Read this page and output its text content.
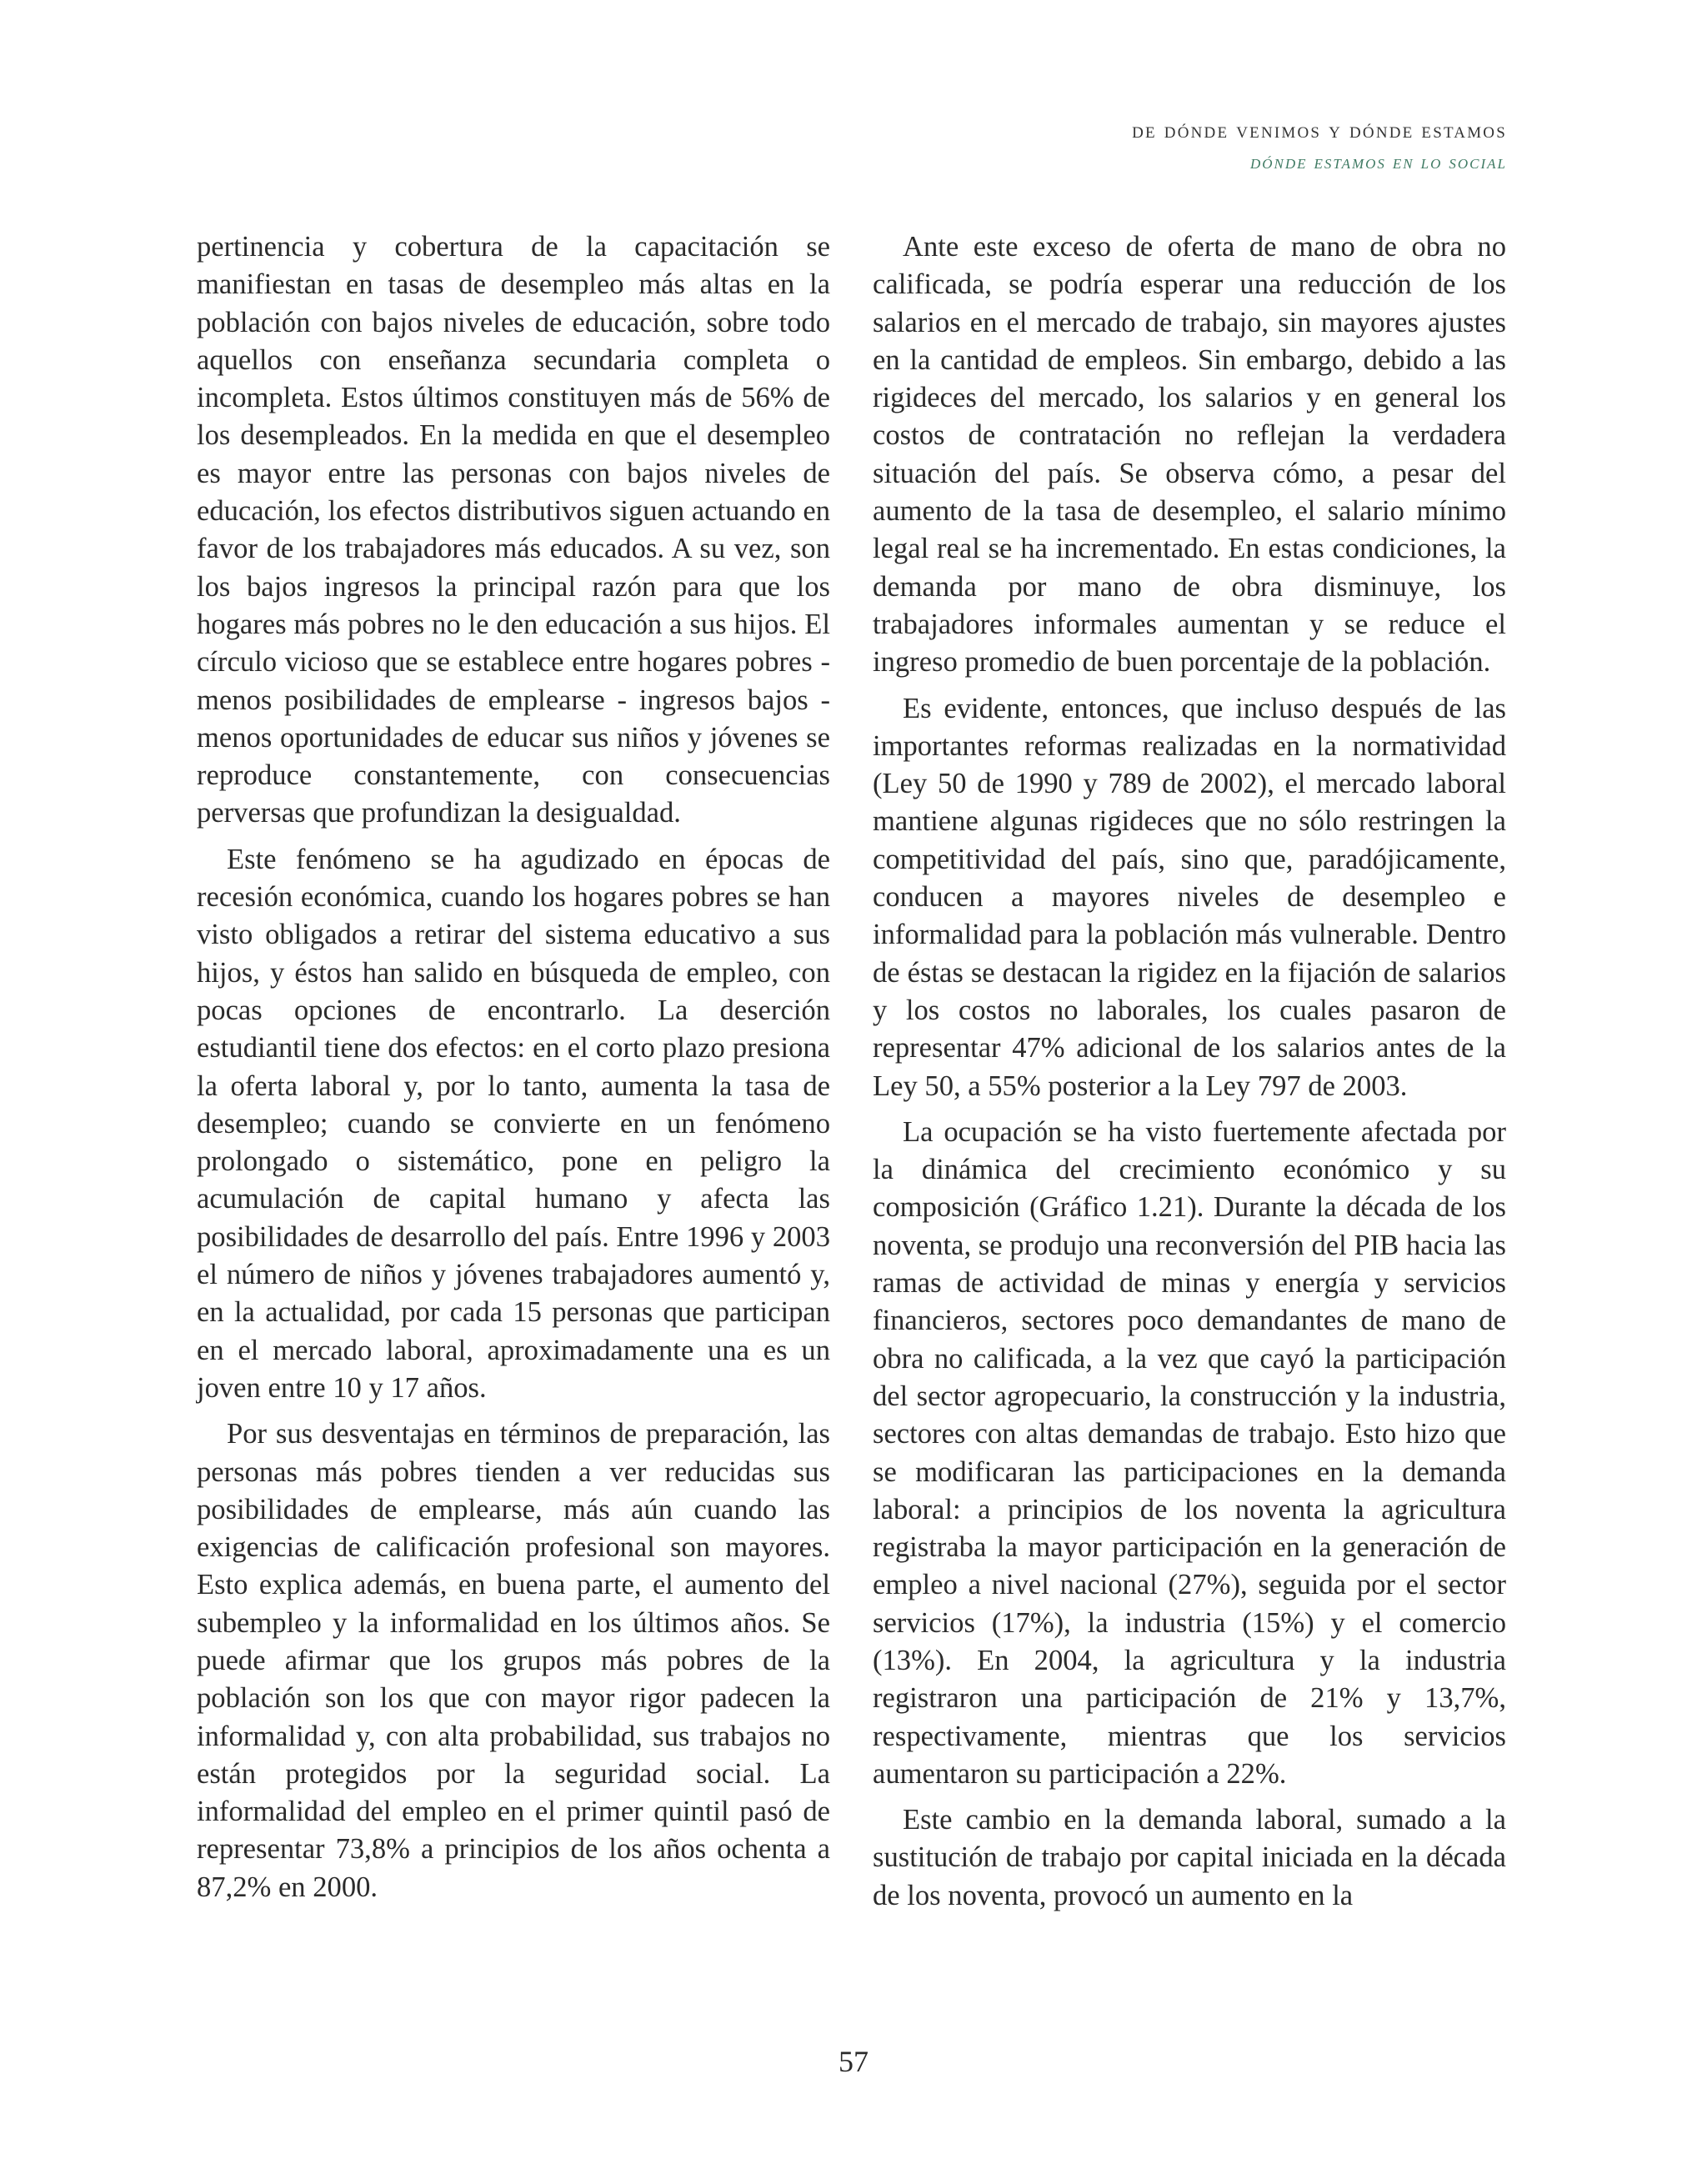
de dónde venimos y dónde estamos
dónde estamos en lo social

pertinencia y cobertura de la capacitación se manifiestan en tasas de desempleo más altas en la población con bajos niveles de educación, sobre todo aquellos con enseñanza secundaria completa o incompleta. Estos últimos constituyen más de 56% de los desempleados. En la medida en que el desempleo es mayor entre las personas con bajos niveles de educación, los efectos distributivos siguen actuando en favor de los trabajadores más educados. A su vez, son los bajos ingresos la principal razón para que los hogares más pobres no le den educación a sus hijos. El círculo vicioso que se establece entre hogares pobres - menos posibilidades de emplearse - ingresos bajos - menos oportunidades de educar sus niños y jóvenes se reproduce constantemente, con consecuencias perversas que profundizan la desigualdad.

Este fenómeno se ha agudizado en épocas de recesión económica, cuando los hogares pobres se han visto obligados a retirar del sistema educativo a sus hijos, y éstos han salido en búsqueda de empleo, con pocas opciones de encontrarlo. La deserción estudiantil tiene dos efectos: en el corto plazo presiona la oferta laboral y, por lo tanto, aumenta la tasa de desempleo; cuando se convierte en un fenómeno prolongado o sistemático, pone en peligro la acumulación de capital humano y afecta las posibilidades de desarrollo del país. Entre 1996 y 2003 el número de niños y jóvenes trabajadores aumentó y, en la actualidad, por cada 15 personas que participan en el mercado laboral, aproximadamente una es un joven entre 10 y 17 años.

Por sus desventajas en términos de preparación, las personas más pobres tienden a ver reducidas sus posibilidades de emplearse, más aún cuando las exigencias de calificación profesional son mayores. Esto explica además, en buena parte, el aumento del subempleo y la informalidad en los últimos años. Se puede afirmar que los grupos más pobres de la población son los que con mayor rigor padecen la informalidad y, con alta probabilidad, sus trabajos no están protegidos por la seguridad social. La informalidad del empleo en el primer quintil pasó de representar 73,8% a principios de los años ochenta a 87,2% en 2000.

Ante este exceso de oferta de mano de obra no calificada, se podría esperar una reducción de los salarios en el mercado de trabajo, sin mayores ajustes en la cantidad de empleos. Sin embargo, debido a las rigideces del mercado, los salarios y en general los costos de contratación no reflejan la verdadera situación del país. Se observa cómo, a pesar del aumento de la tasa de desempleo, el salario mínimo legal real se ha incrementado. En estas condiciones, la demanda por mano de obra disminuye, los trabajadores informales aumentan y se reduce el ingreso promedio de buen porcentaje de la población.

Es evidente, entonces, que incluso después de las importantes reformas realizadas en la normatividad (Ley 50 de 1990 y 789 de 2002), el mercado laboral mantiene algunas rigideces que no sólo restringen la competitividad del país, sino que, paradójicamente, conducen a mayores niveles de desempleo e informalidad para la población más vulnerable. Dentro de éstas se destacan la rigidez en la fijación de salarios y los costos no laborales, los cuales pasaron de representar 47% adicional de los salarios antes de la Ley 50, a 55% posterior a la Ley 797 de 2003.

La ocupación se ha visto fuertemente afectada por la dinámica del crecimiento económico y su composición (Gráfico 1.21). Durante la década de los noventa, se produjo una reconversión del PIB hacia las ramas de actividad de minas y energía y servicios financieros, sectores poco demandantes de mano de obra no calificada, a la vez que cayó la participación del sector agropecuario, la construcción y la industria, sectores con altas demandas de trabajo. Esto hizo que se modificaran las participaciones en la demanda laboral: a principios de los noventa la agricultura registraba la mayor participación en la generación de empleo a nivel nacional (27%), seguida por el sector servicios (17%), la industria (15%) y el comercio (13%). En 2004, la agricultura y la industria registraron una participación de 21% y 13,7%, respectivamente, mientras que los servicios aumentaron su participación a 22%.

Este cambio en la demanda laboral, sumado a la sustitución de trabajo por capital iniciada en la década de los noventa, provocó un aumento en la

57
